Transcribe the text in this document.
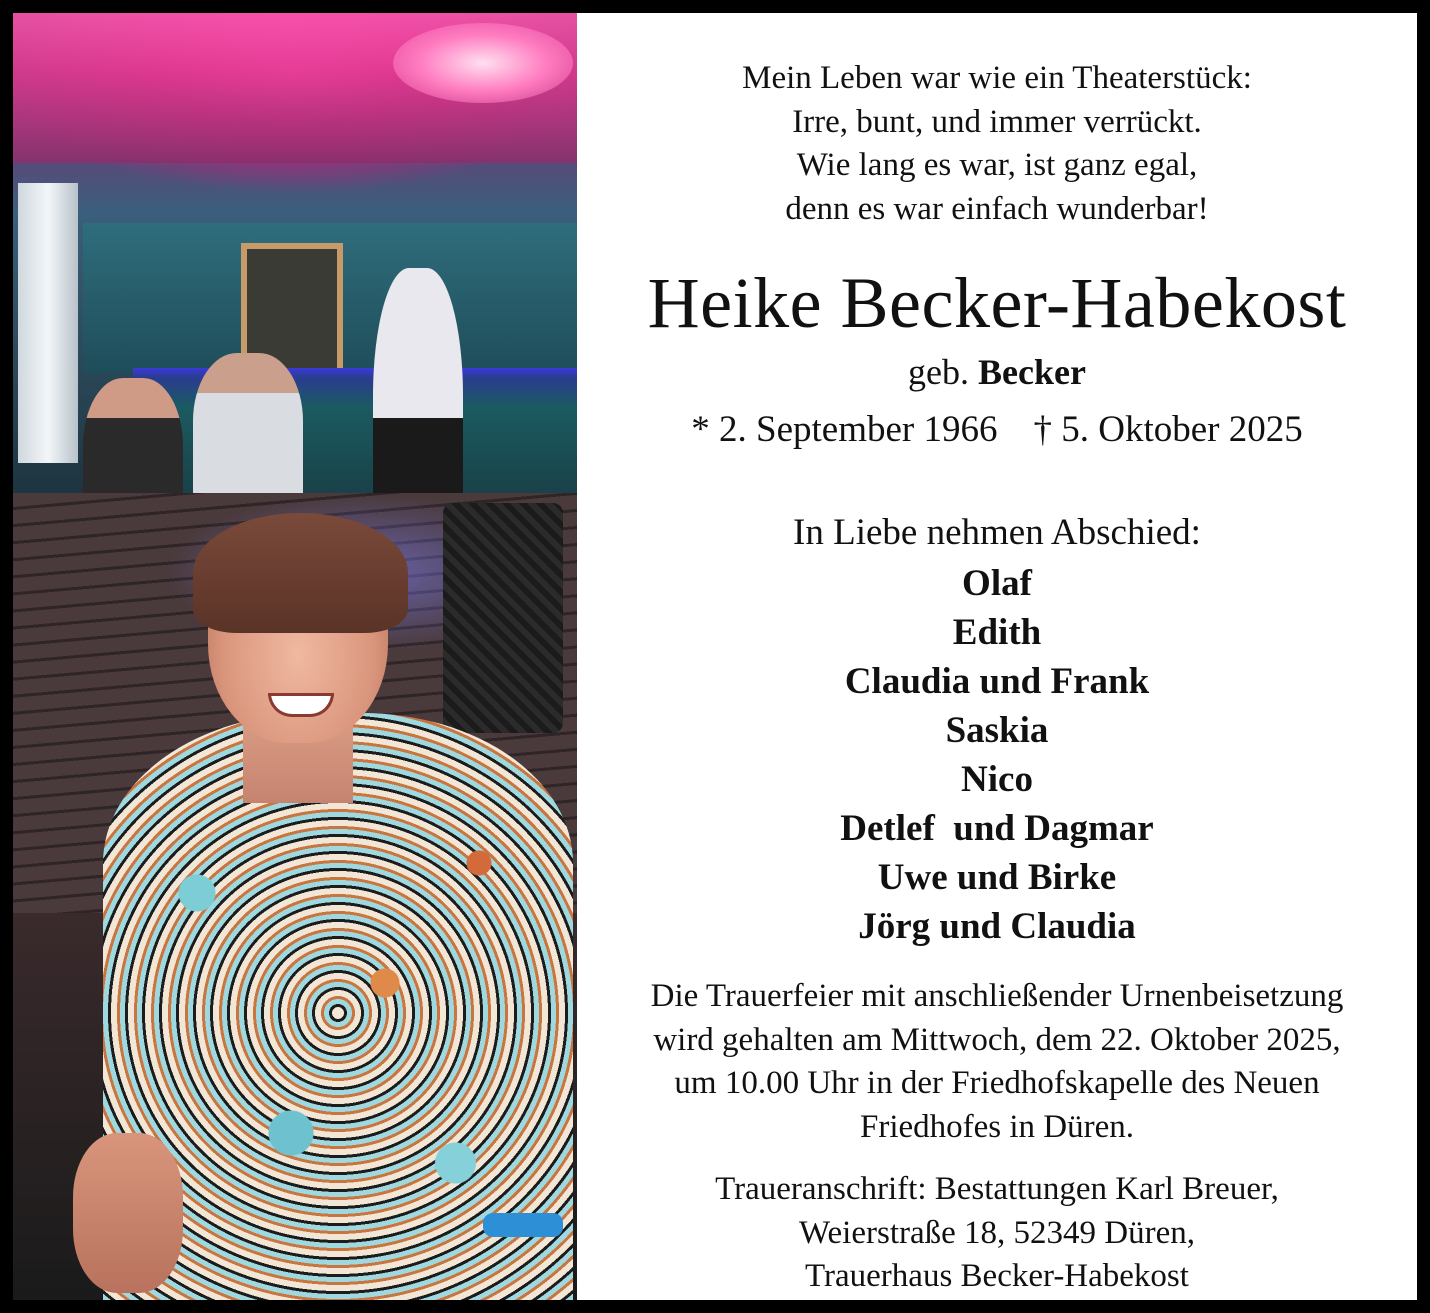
Mein Leben war wie ein Theaterstück:
Irre, bunt, und immer verrückt.
Wie lang es war, ist ganz egal,
denn es war einfach wunderbar!
Heike Becker-Habekost
geb. Becker
* 2. September 1966 † 5. Oktober 2025
In Liebe nehmen Abschied:
Olaf
Edith
Claudia und Frank
Saskia
Nico
Detlef  und Dagmar
Uwe und Birke
Jörg und Claudia
Die Trauerfeier mit anschließender Urnenbeisetzung
wird gehalten am Mittwoch, dem 22. Oktober 2025,
um 10.00 Uhr in der Friedhofskapelle des Neuen
Friedhofes in Düren.
Traueranschrift: Bestattungen Karl Breuer,
Weierstraße 18, 52349 Düren,
Trauerhaus Becker-Habekost
